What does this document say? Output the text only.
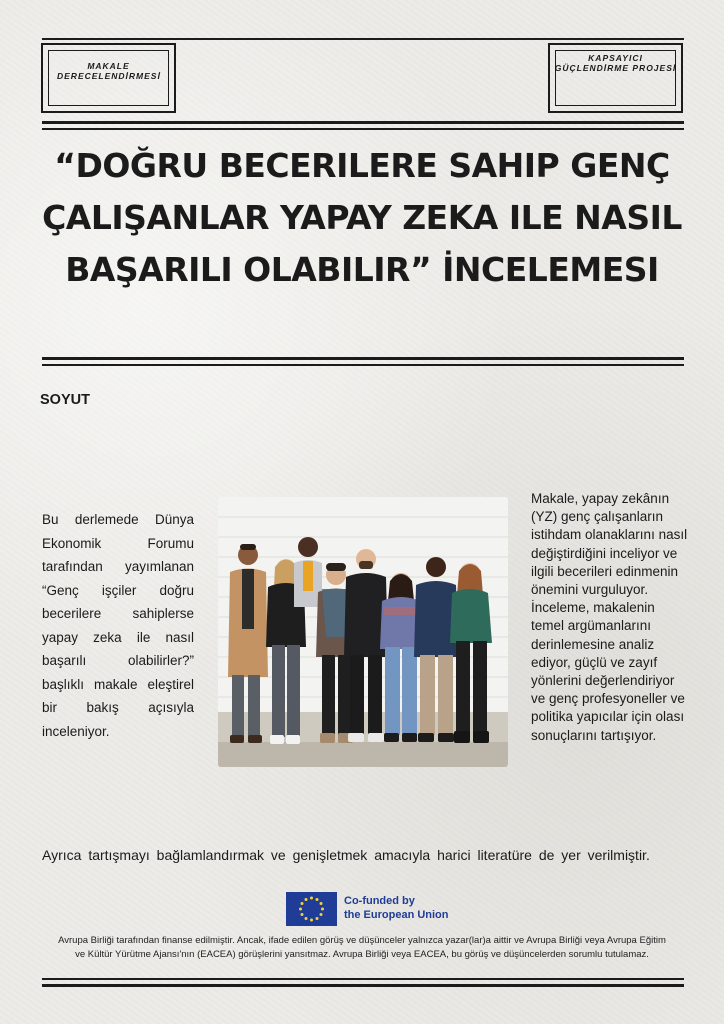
MAKALE DERECELENDİRMESİ
KAPSAYICI GÜÇLENDİRME PROJESİ
“DOĞRU BECERILERE SAHIP GENÇ
ÇALIŞANLAR YAPAY ZEKA ILE NASIL
BAŞARILI OLABILIR” İNCELEMESI
SOYUT
Bu derlemede Dünya Ekonomik Forumu tarafından yayımlanan “Genç işçiler doğru becerilere sahiplerse yapay zeka ile nasıl başarılı olabilirler?” başlıklı makale eleştirel bir bakış açısıyla inceleniyor.
Makale, yapay zekânın (YZ) genç çalışanların istihdam olanaklarını nasıl değiştirdiğini inceliyor ve ilgili becerileri edinmenin önemini vurguluyor. İnceleme, makalenin temel argümanlarını derinlemesine analiz ediyor, güçlü ve zayıf yönlerini değerlendiriyor ve genç profesyoneller ve politika yapıcılar için olası sonuçlarını tartışıyor.
Ayrıca tartışmayı bağlamlandırmak ve genişletmek amacıyla harici literatüre de yer verilmiştir.
Co-funded by
the European Union
Avrupa Birliği tarafından finanse edilmiştir. Ancak, ifade edilen görüş ve düşünceler yalnızca yazar(lar)a aittir ve Avrupa Birliği veya Avrupa Eğitim
ve Kültür Yürütme Ajansı'nın (EACEA) görüşlerini yansıtmaz. Avrupa Birliği veya EACEA, bu görüş ve düşüncelerden sorumlu tutulamaz.
